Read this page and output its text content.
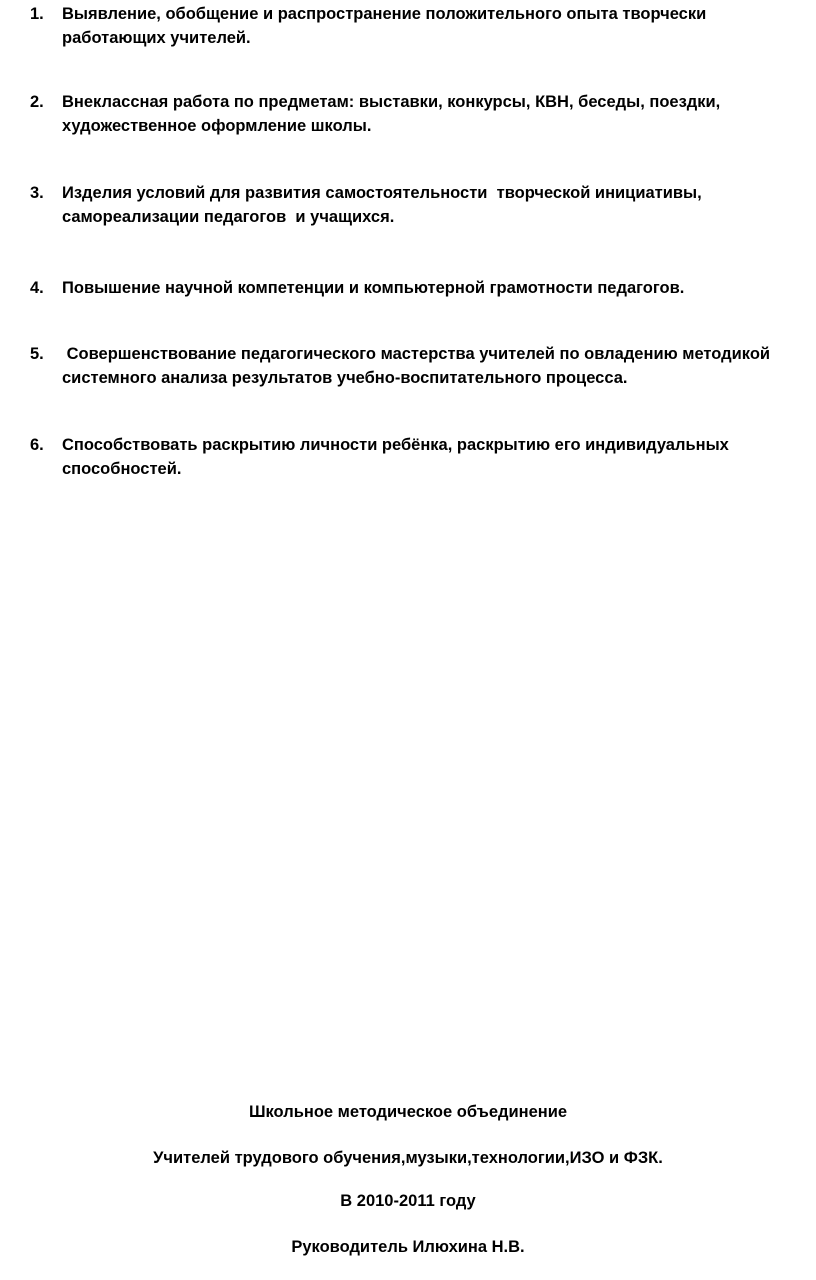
1.	Выявление, обобщение и распространение положительного опыта творчески работающих учителей.
2.	Внеклассная работа по предметам: выставки, конкурсы, КВН, беседы, поездки, художественное оформление школы.
3.	Изделия условий для развития самостоятельности  творческой инициативы, самореализации педагогов  и учащихся.
4.	Повышение научной компетенции и компьютерной грамотности педагогов.
5.	Совершенствование педагогического мастерства учителей по овладению методикой системного анализа результатов учебно-воспитательного процесса.
6.	Способствовать раскрытию личности ребёнка, раскрытию его индивидуальных способностей.
Школьное методическое объединение
Учителей трудового обучения,музыки,технологии,ИЗО и ФЗК.
В 2010-2011 году
Руководитель Илюхина Н.В.
